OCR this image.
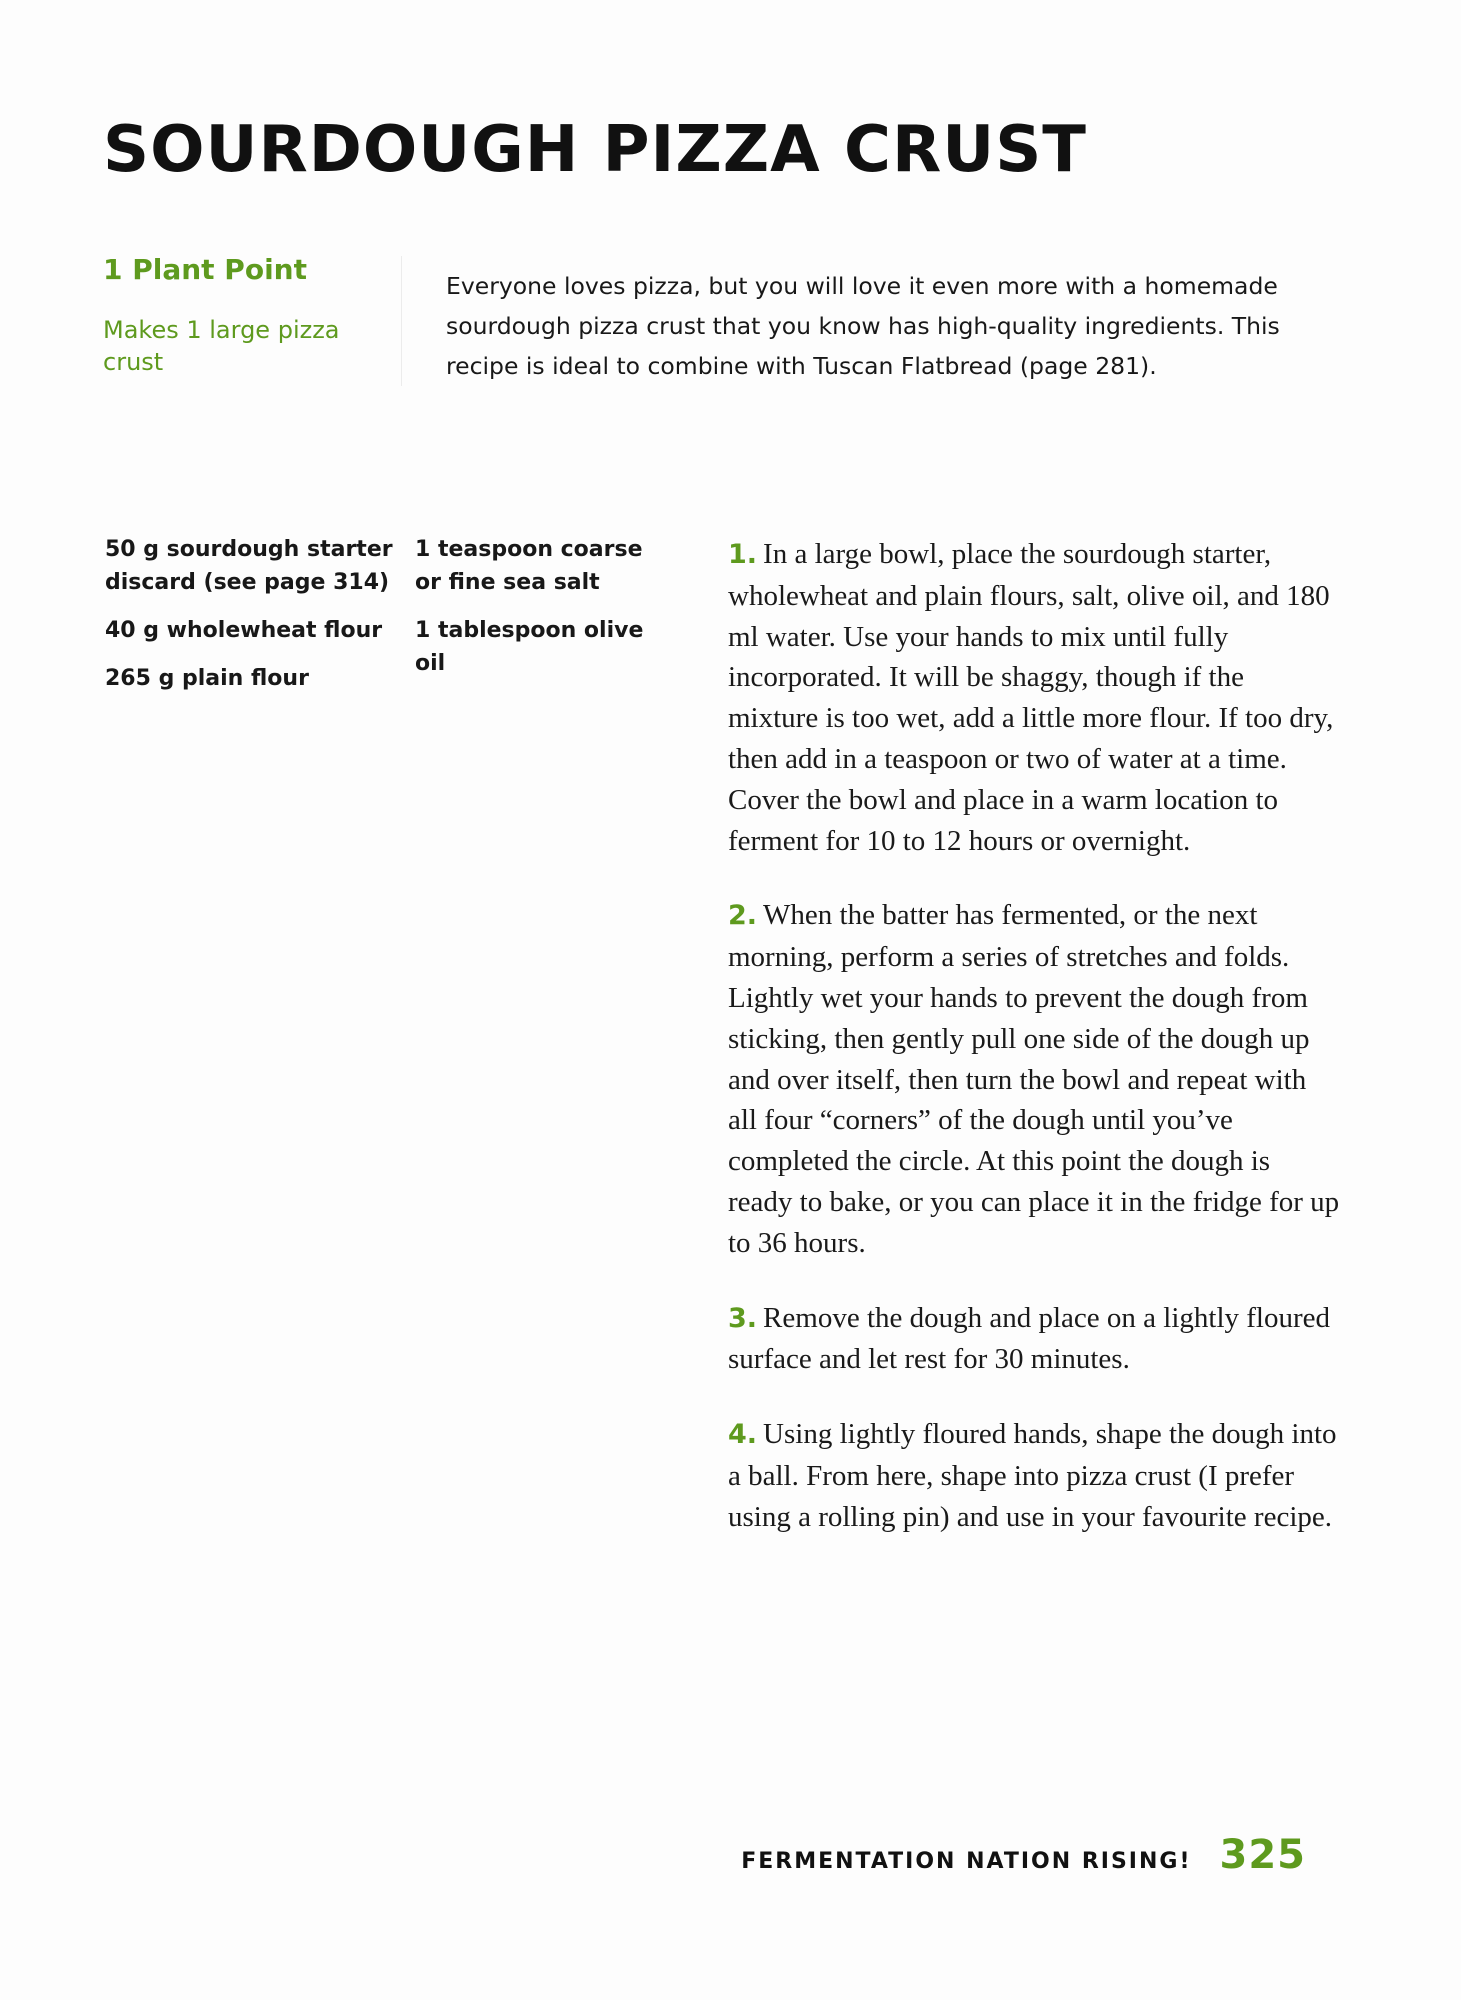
SOURDOUGH PIZZA CRUST
1 Plant Point
Makes 1 large pizza crust

Everyone loves pizza, but you will love it even more with a homemade sourdough pizza crust that you know has high-quality ingredients. This recipe is ideal to combine with Tuscan Flatbread (page 281).

50 g sourdough starter discard (see page 314)
40 g wholewheat flour
265 g plain flour
1 teaspoon coarse or fine sea salt
1 tablespoon olive oil
1. In a large bowl, place the sourdough starter, wholewheat and plain flours, salt, olive oil, and 180 ml water. Use your hands to mix until fully incorporated. It will be shaggy, though if the mixture is too wet, add a little more flour. If too dry, then add in a teaspoon or two of water at a time. Cover the bowl and place in a warm location to ferment for 10 to 12 hours or overnight.
2. When the batter has fermented, or the next morning, perform a series of stretches and folds. Lightly wet your hands to prevent the dough from sticking, then gently pull one side of the dough up and over itself, then turn the bowl and repeat with all four “corners” of the dough until you’ve completed the circle. At this point the dough is ready to bake, or you can place it in the fridge for up to 36 hours.
3. Remove the dough and place on a lightly floured surface and let rest for 30 minutes.
4. Using lightly floured hands, shape the dough into a ball. From here, shape into pizza crust (I prefer using a rolling pin) and use in your favourite recipe.
FERMENTATION NATION RISING! 325
